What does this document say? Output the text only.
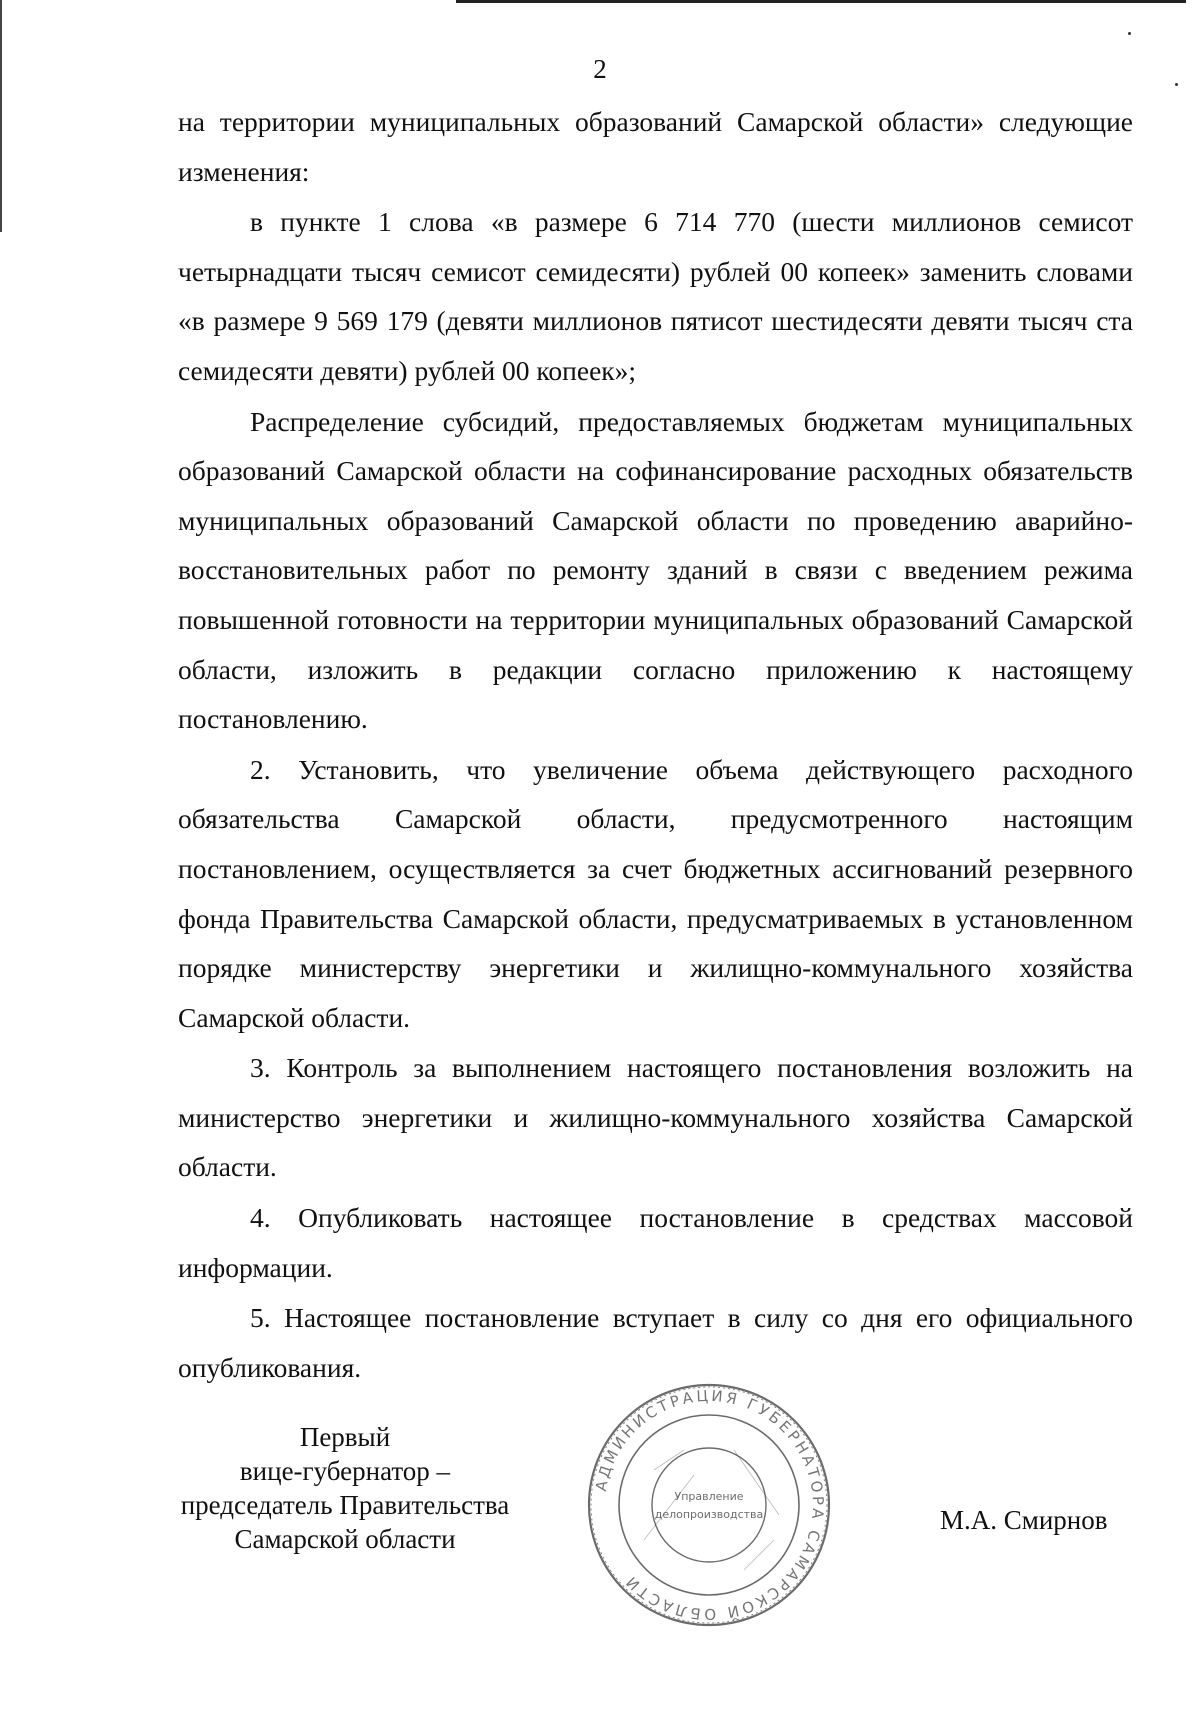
2

на территории муниципальных образований Самарской области» следующие изменения:

в пункте 1 слова «в размере 6 714 770 (шести миллионов семисот четырнадцати тысяч семисот семидесяти) рублей 00 копеек» заменить словами «в размере 9 569 179 (девяти миллионов пятисот шестидесяти девяти тысяч ста семидесяти девяти) рублей 00 копеек»;

Распределение субсидий, предоставляемых бюджетам муниципальных образований Самарской области на софинансирование расходных обязательств муниципальных образований Самарской области по проведению аварийно-восстановительных работ по ремонту зданий в связи с введением режима повышенной готовности на территории муниципальных образований Самарской области, изложить в редакции согласно приложению к настоящему постановлению.

2. Установить, что увеличение объема действующего расходного обязательства Самарской области, предусмотренного настоящим постановлением, осуществляется за счет бюджетных ассигнований резервного фонда Правительства Самарской области, предусматриваемых в установленном порядке министерству энергетики и жилищно-коммунального хозяйства Самарской области.

3. Контроль за выполнением настоящего постановления возложить на министерство энергетики и жилищно-коммунального хозяйства Самарской области.

4. Опубликовать настоящее постановление в средствах массовой информации.

5. Настоящее постановление вступает в силу со дня его официального опубликования.

Первый
вице-губернатор –
председатель Правительства
Самарской области
М.А. Смирнов
АДМИНИСТРАЦИЯ ГУБЕРНАТОРА САМАРСКОЙ ОБЛАСТИ
Управление
делопроизводства
